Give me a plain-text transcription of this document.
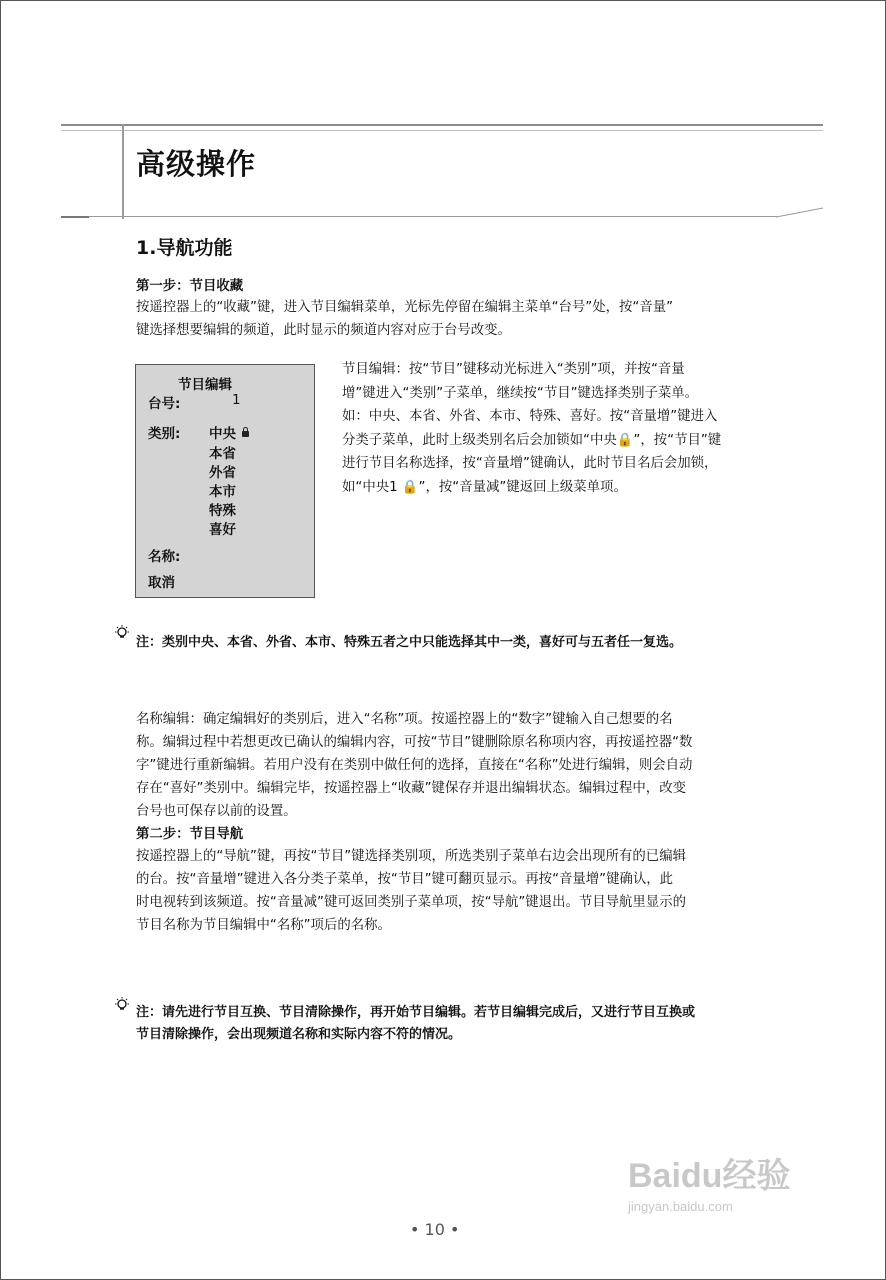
高级操作
1.导航功能
第一步：节目收藏
按遥控器上的“收藏”键，进入节目编辑菜单，光标先停留在编辑主菜单“台号”处，按“音量”
键选择想要编辑的频道，此时显示的频道内容对应于台号改变。
节目编辑
台号:	1
类别: 中央
本省
外省
本市
特殊
喜好
名称:
取消
节目编辑：按“节目”键移动光标进入“类别”项，并按“音量
增”键进入“类别”子菜单，继续按“节目”键选择类别子菜单。
如：中央、本省、外省、本市、特殊、喜好。按“音量增”键进入
分类子菜单，此时上级类别名后会加锁如“中央🔒”，按“节目”键
进行节目名称选择，按“音量增”键确认，此时节目名后会加锁，
如“中央1 🔒”，按“音量减”键返回上级菜单项。
注：类别中央、本省、外省、本市、特殊五者之中只能选择其中一类，喜好可与五者任一复选。
名称编辑：确定编辑好的类别后，进入“名称”项。按遥控器上的“数字”键输入自己想要的名
称。编辑过程中若想更改已确认的编辑内容，可按“节目”键删除原名称项内容，再按遥控器“数
字”键进行重新编辑。若用户没有在类别中做任何的选择，直接在“名称”处进行编辑，则会自动
存在“喜好”类别中。编辑完毕，按遥控器上“收藏”键保存并退出编辑状态。编辑过程中，改变
台号也可保存以前的设置。
第二步：节目导航
按遥控器上的“导航”键，再按“节目”键选择类别项，所选类别子菜单右边会出现所有的已编辑
的台。按“音量增”键进入各分类子菜单，按“节目”键可翻页显示。再按“音量增”键确认，此
时电视转到该频道。按“音量减”键可返回类别子菜单项，按“导航”键退出。节目导航里显示的
节目名称为节目编辑中“名称”项后的名称。
注：请先进行节目互换、节目清除操作，再开始节目编辑。若节目编辑完成后，又进行节目互换或
节目清除操作，会出现频道名称和实际内容不符的情况。
Baidu经验
jingyan.baidu.com
• 10 •
